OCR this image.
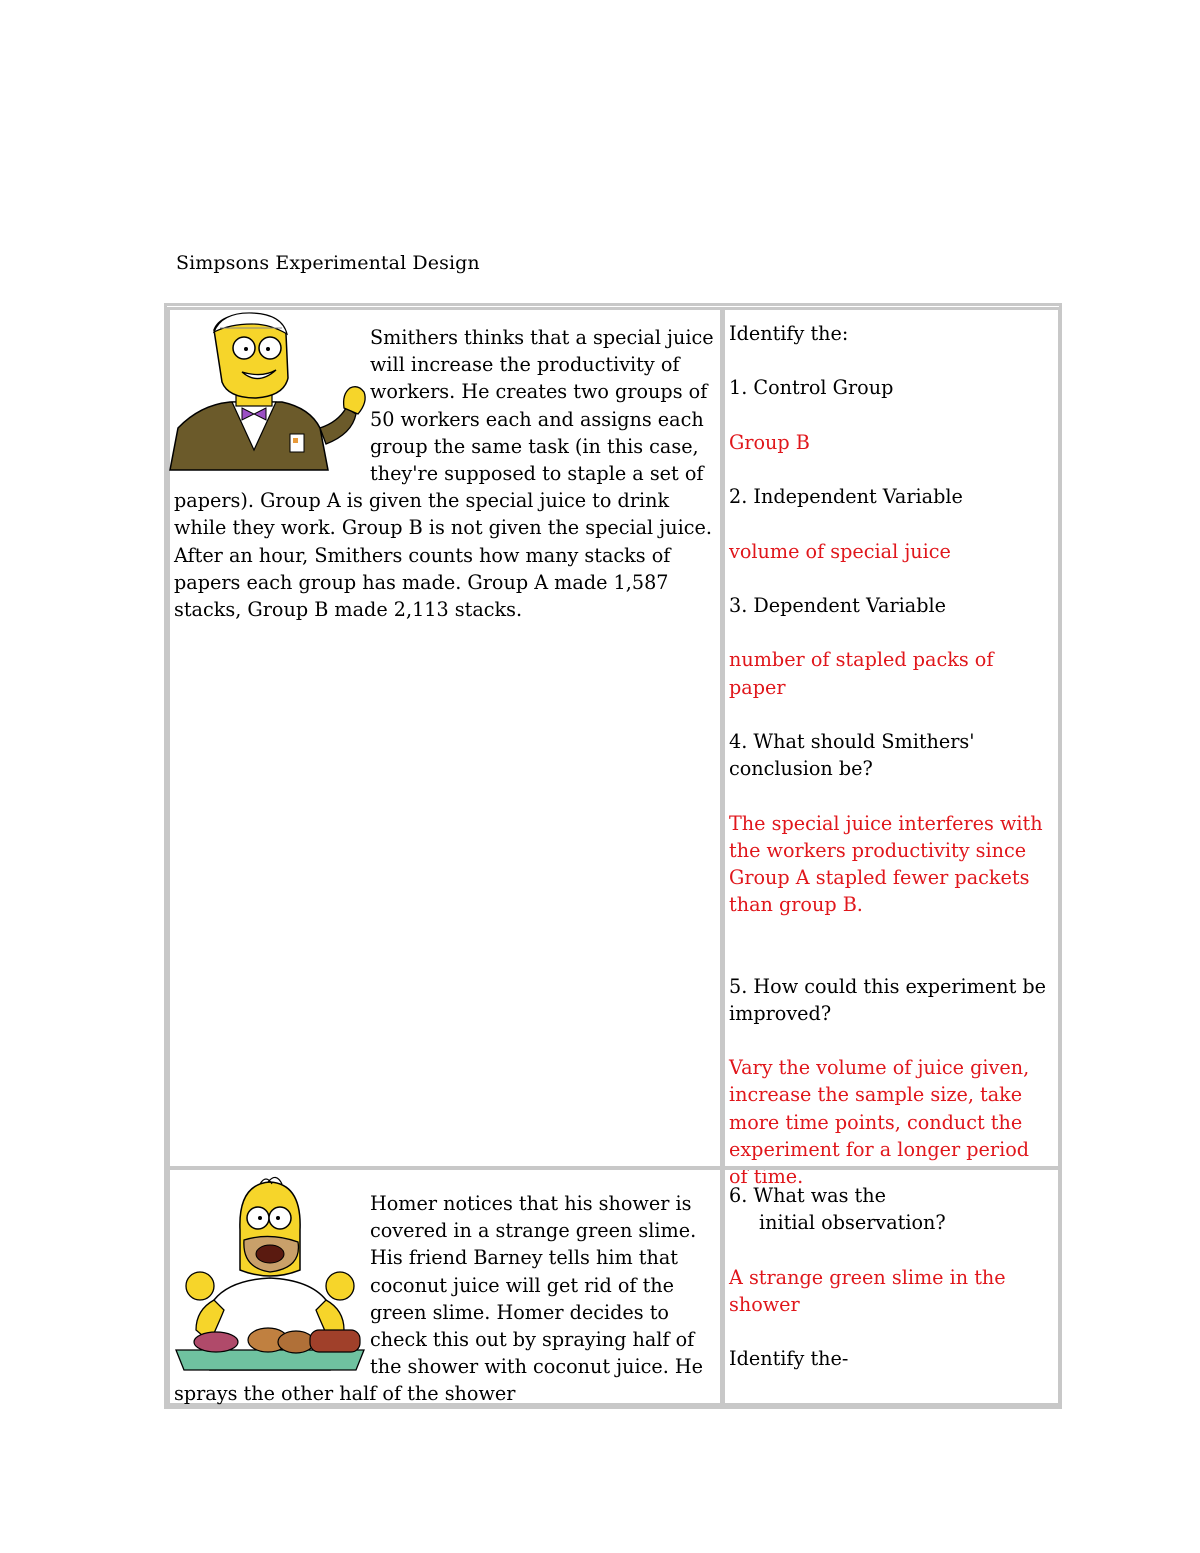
Simpsons Experimental Design
Smithers thinks that a special juice will increase the productivity of workers. He creates two groups of 50 workers each and assigns each group the same task (in this case, they're supposed to staple a set of papers). Group A is given the special juice to drink while they work. Group B is not given the special juice. After an hour, Smithers counts how many stacks of papers each group has made. Group A made 1,587 stacks, Group B made 2,113 stacks.

Identify the:

1. Control Group

Group B

2. Independent Variable

volume of special juice

3. Dependent Variable

number of stapled packs of paper

4. What should Smithers' conclusion be?

The special juice interferes with the workers productivity since Group A stapled fewer packets than group B.

5. How could this experiment be improved?

Vary the volume of juice given, increase the sample size, take more time points, conduct the experiment for a longer period of time.

Homer notices that his shower is covered in a strange green slime. His friend Barney tells him that coconut juice will get rid of the green slime. Homer decides to check this out by spraying half of the shower with coconut juice. He sprays the other half of the shower

6. What was the

initial observation?

A strange green slime in the shower

Identify the-
